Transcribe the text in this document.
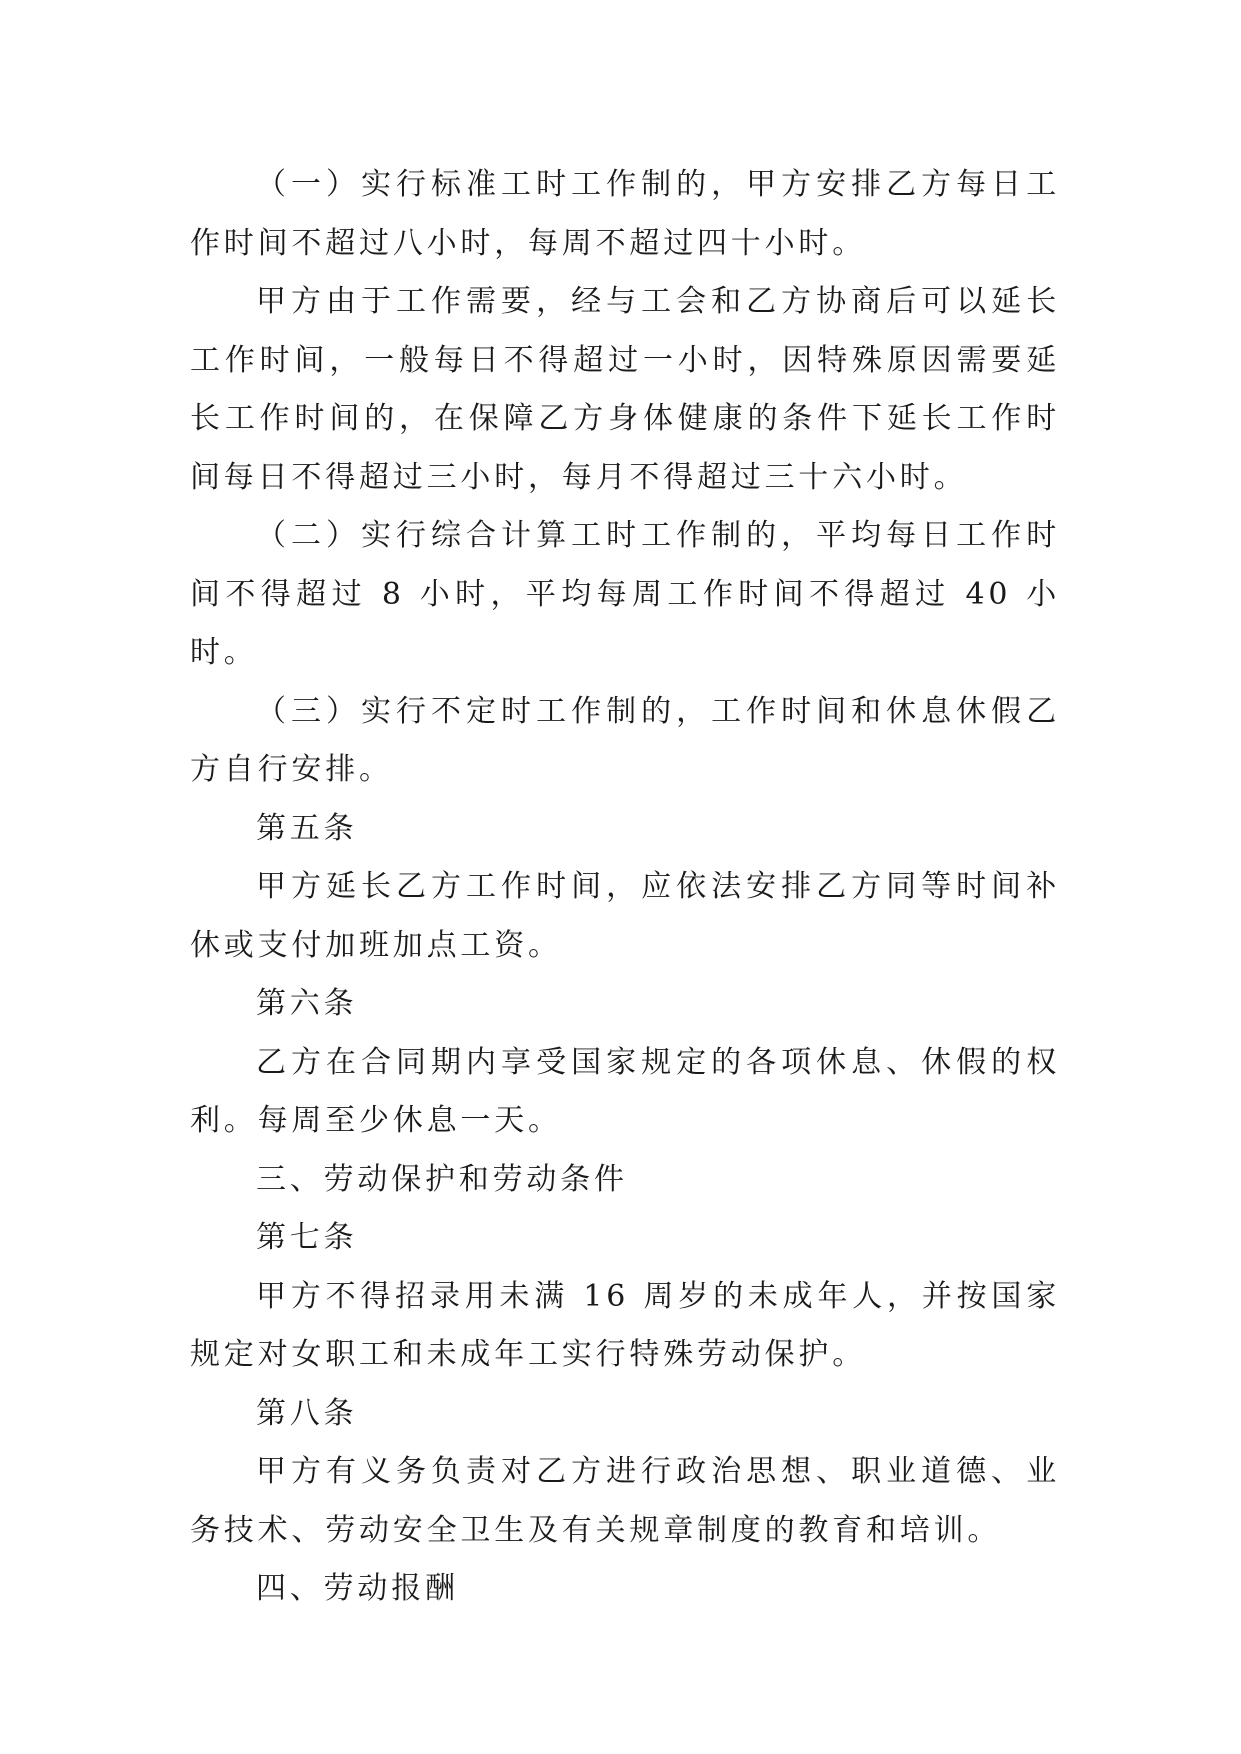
（一）实行标准工时工作制的，甲方安排乙方每日工作时间不超过八小时，每周不超过四十小时。

甲方由于工作需要，经与工会和乙方协商后可以延长工作时间，一般每日不得超过一小时，因特殊原因需要延长工作时间的，在保障乙方身体健康的条件下延长工作时间每日不得超过三小时，每月不得超过三十六小时。

（二）实行综合计算工时工作制的，平均每日工作时间不得超过 8 小时，平均每周工作时间不得超过 40 小时。

（三）实行不定时工作制的，工作时间和休息休假乙方自行安排。

第五条

甲方延长乙方工作时间，应依法安排乙方同等时间补休或支付加班加点工资。

第六条

乙方在合同期内享受国家规定的各项休息、休假的权利。每周至少休息一天。

三、劳动保护和劳动条件

第七条

甲方不得招录用未满 16 周岁的未成年人，并按国家规定对女职工和未成年工实行特殊劳动保护。

第八条

甲方有义务负责对乙方进行政治思想、职业道德、业务技术、劳动安全卫生及有关规章制度的教育和培训。

四、劳动报酬
